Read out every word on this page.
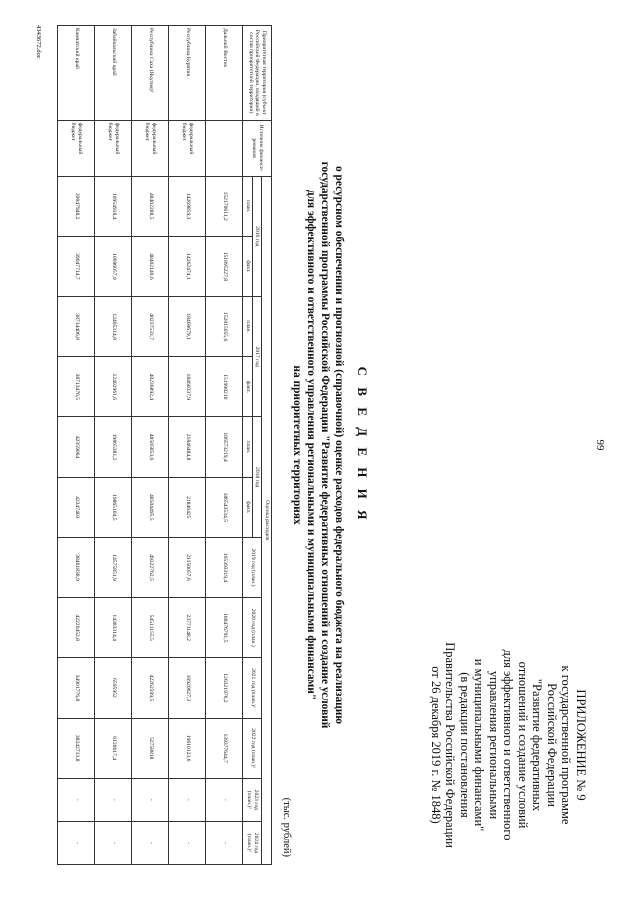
99
ПРИЛОЖЕНИЕ № 9
к государственной программе
Российской Федерации
"Развитие федеративных
отношений и создание условий
для эффективного и ответственного
управления региональными
и муниципальными финансами"
(в редакции постановления
Правительства Российской Федерации
от 26 декабря 2019 г. № 1848)
С В Е Д Е Н И Я
о ресурсном обеспечении и прогнозной (справочной) оценке расходов федерального бюджета на реализацию
государственной программы Российской Федерации "Развитие федеративных отношений и создание условий
для эффективного и ответственного управления региональными и муниципальными финансами"
на приоритетных территориях
(тыс. рублей)
Приоритетная территория (субъект Российской Федерации, входящий в состав приоритетной территории)	Источник финанси-рования	Оценка расходов											
		2016 год		2017 год		2018 год		2019 год (план.)	2020 год (план.)	2021 год (план.)¹	2022 год (план.)¹	2023 год (план.)²	2024 год (план.)²
		план.	факт.	план.	факт.	план.	факт.						
Дальний Восток		152170611,2	151895227,8	152015055,6	151998210	186573219,4	186543534,5	165393319,4	180476791,5	126321976,2	139377644,7	-	-
Республика Бурятия	федеральный бюджет	14269859,3	14262474,1	18460679,1	18460337,9	21846484,8	21846425	21150057,6	23771148,2	16920627,3	19610123,6	-	-
Республика Саха (Якутия)³	федеральный бюджет	48402288,5	48402140,6	40237533,7	40236892,4	48505853,6	48504495,5	49322762,5	54511155,5	42262599,5	52758818	-	-
Забайкальский край	федеральный бюджет	10954918,4	10696057,9	12405314,8	12402961,6	19865381,2	19865104,5	14575851,9	14383314,4	6595952	6120617,4	-	-
Камчатский край	федеральный бюджет	39047948,2	39047714,7	38714406,8	38713476,5	42359064	42347403	38461838,9	42226452,8	34901776,8	38242713,8	-	-
4343672.doc
